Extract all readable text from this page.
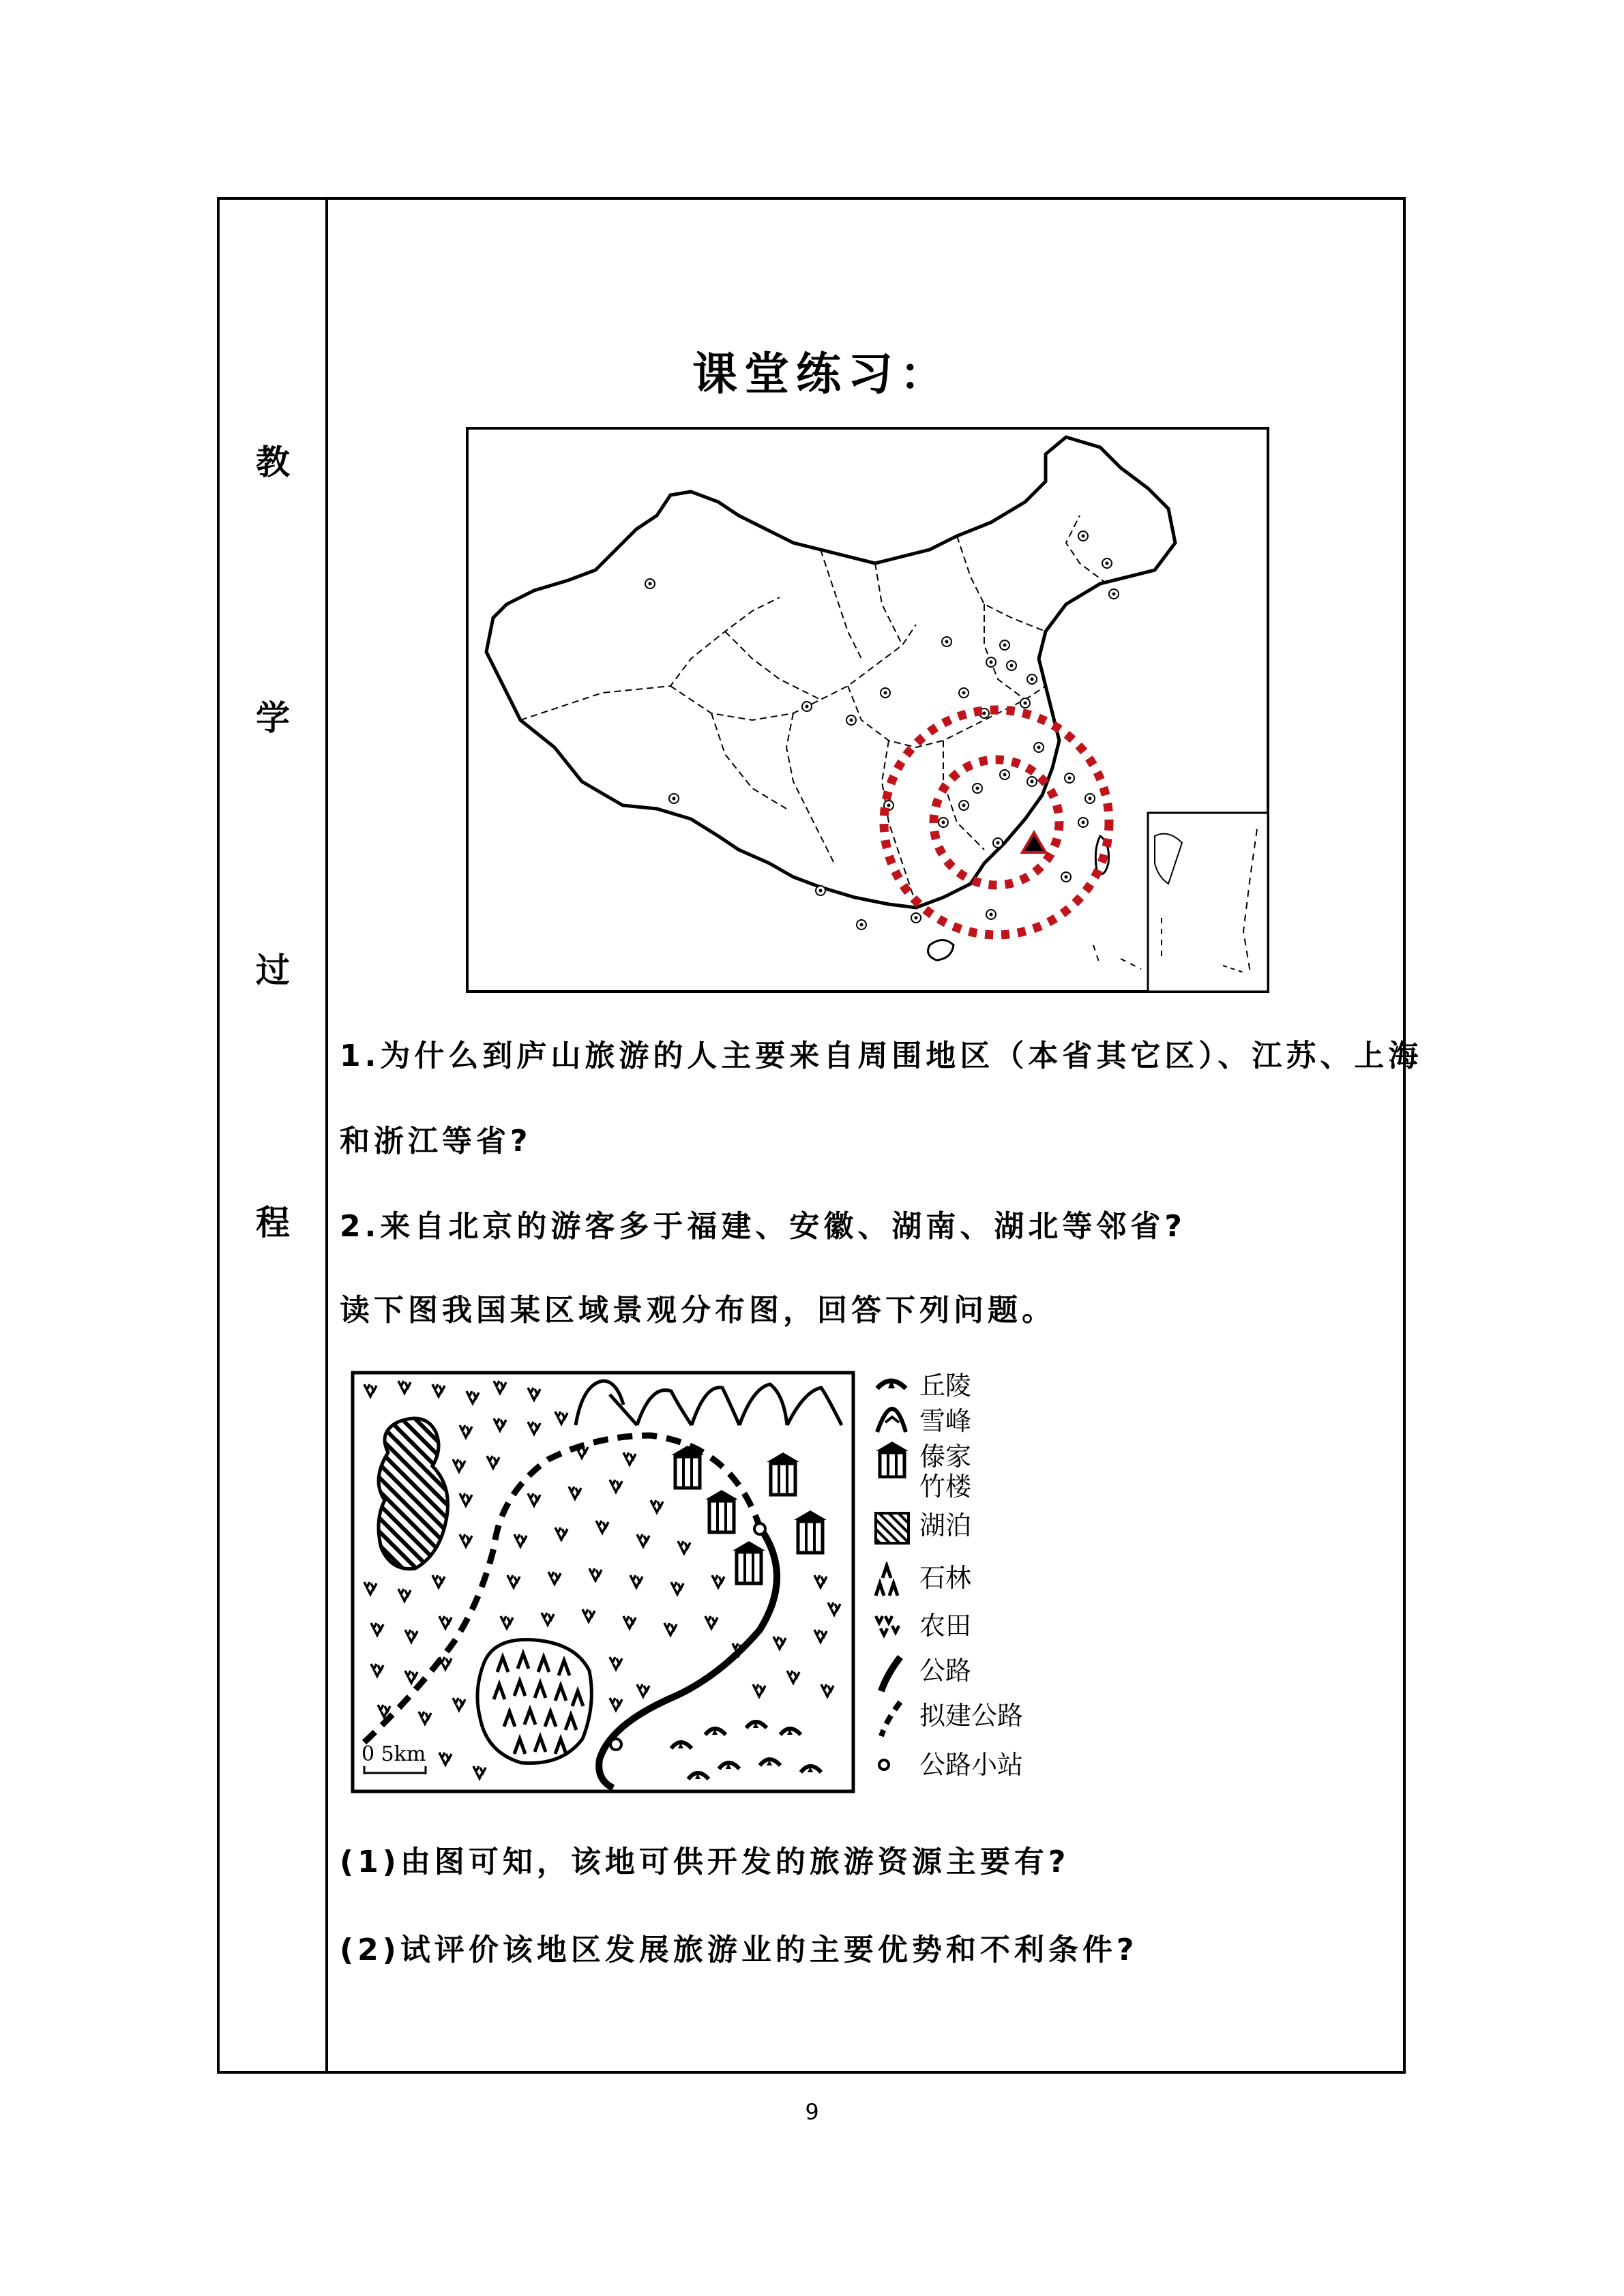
教
学
过
程
课堂练习：
1.为什么到庐山旅游的人主要来自周围地区（本省其它区）、江苏、上海
和浙江等省?
2.来自北京的游客多于福建、安徽、湖南、湖北等邻省?
读下图我国某区域景观分布图，回答下列问题。
0 5km
丘陵
雪峰
傣家
竹楼
湖泊
石林
农田
公路
拟建公路
公路小站
(1)由图可知，该地可供开发的旅游资源主要有?
(2)试评价该地区发展旅游业的主要优势和不利条件?
9
